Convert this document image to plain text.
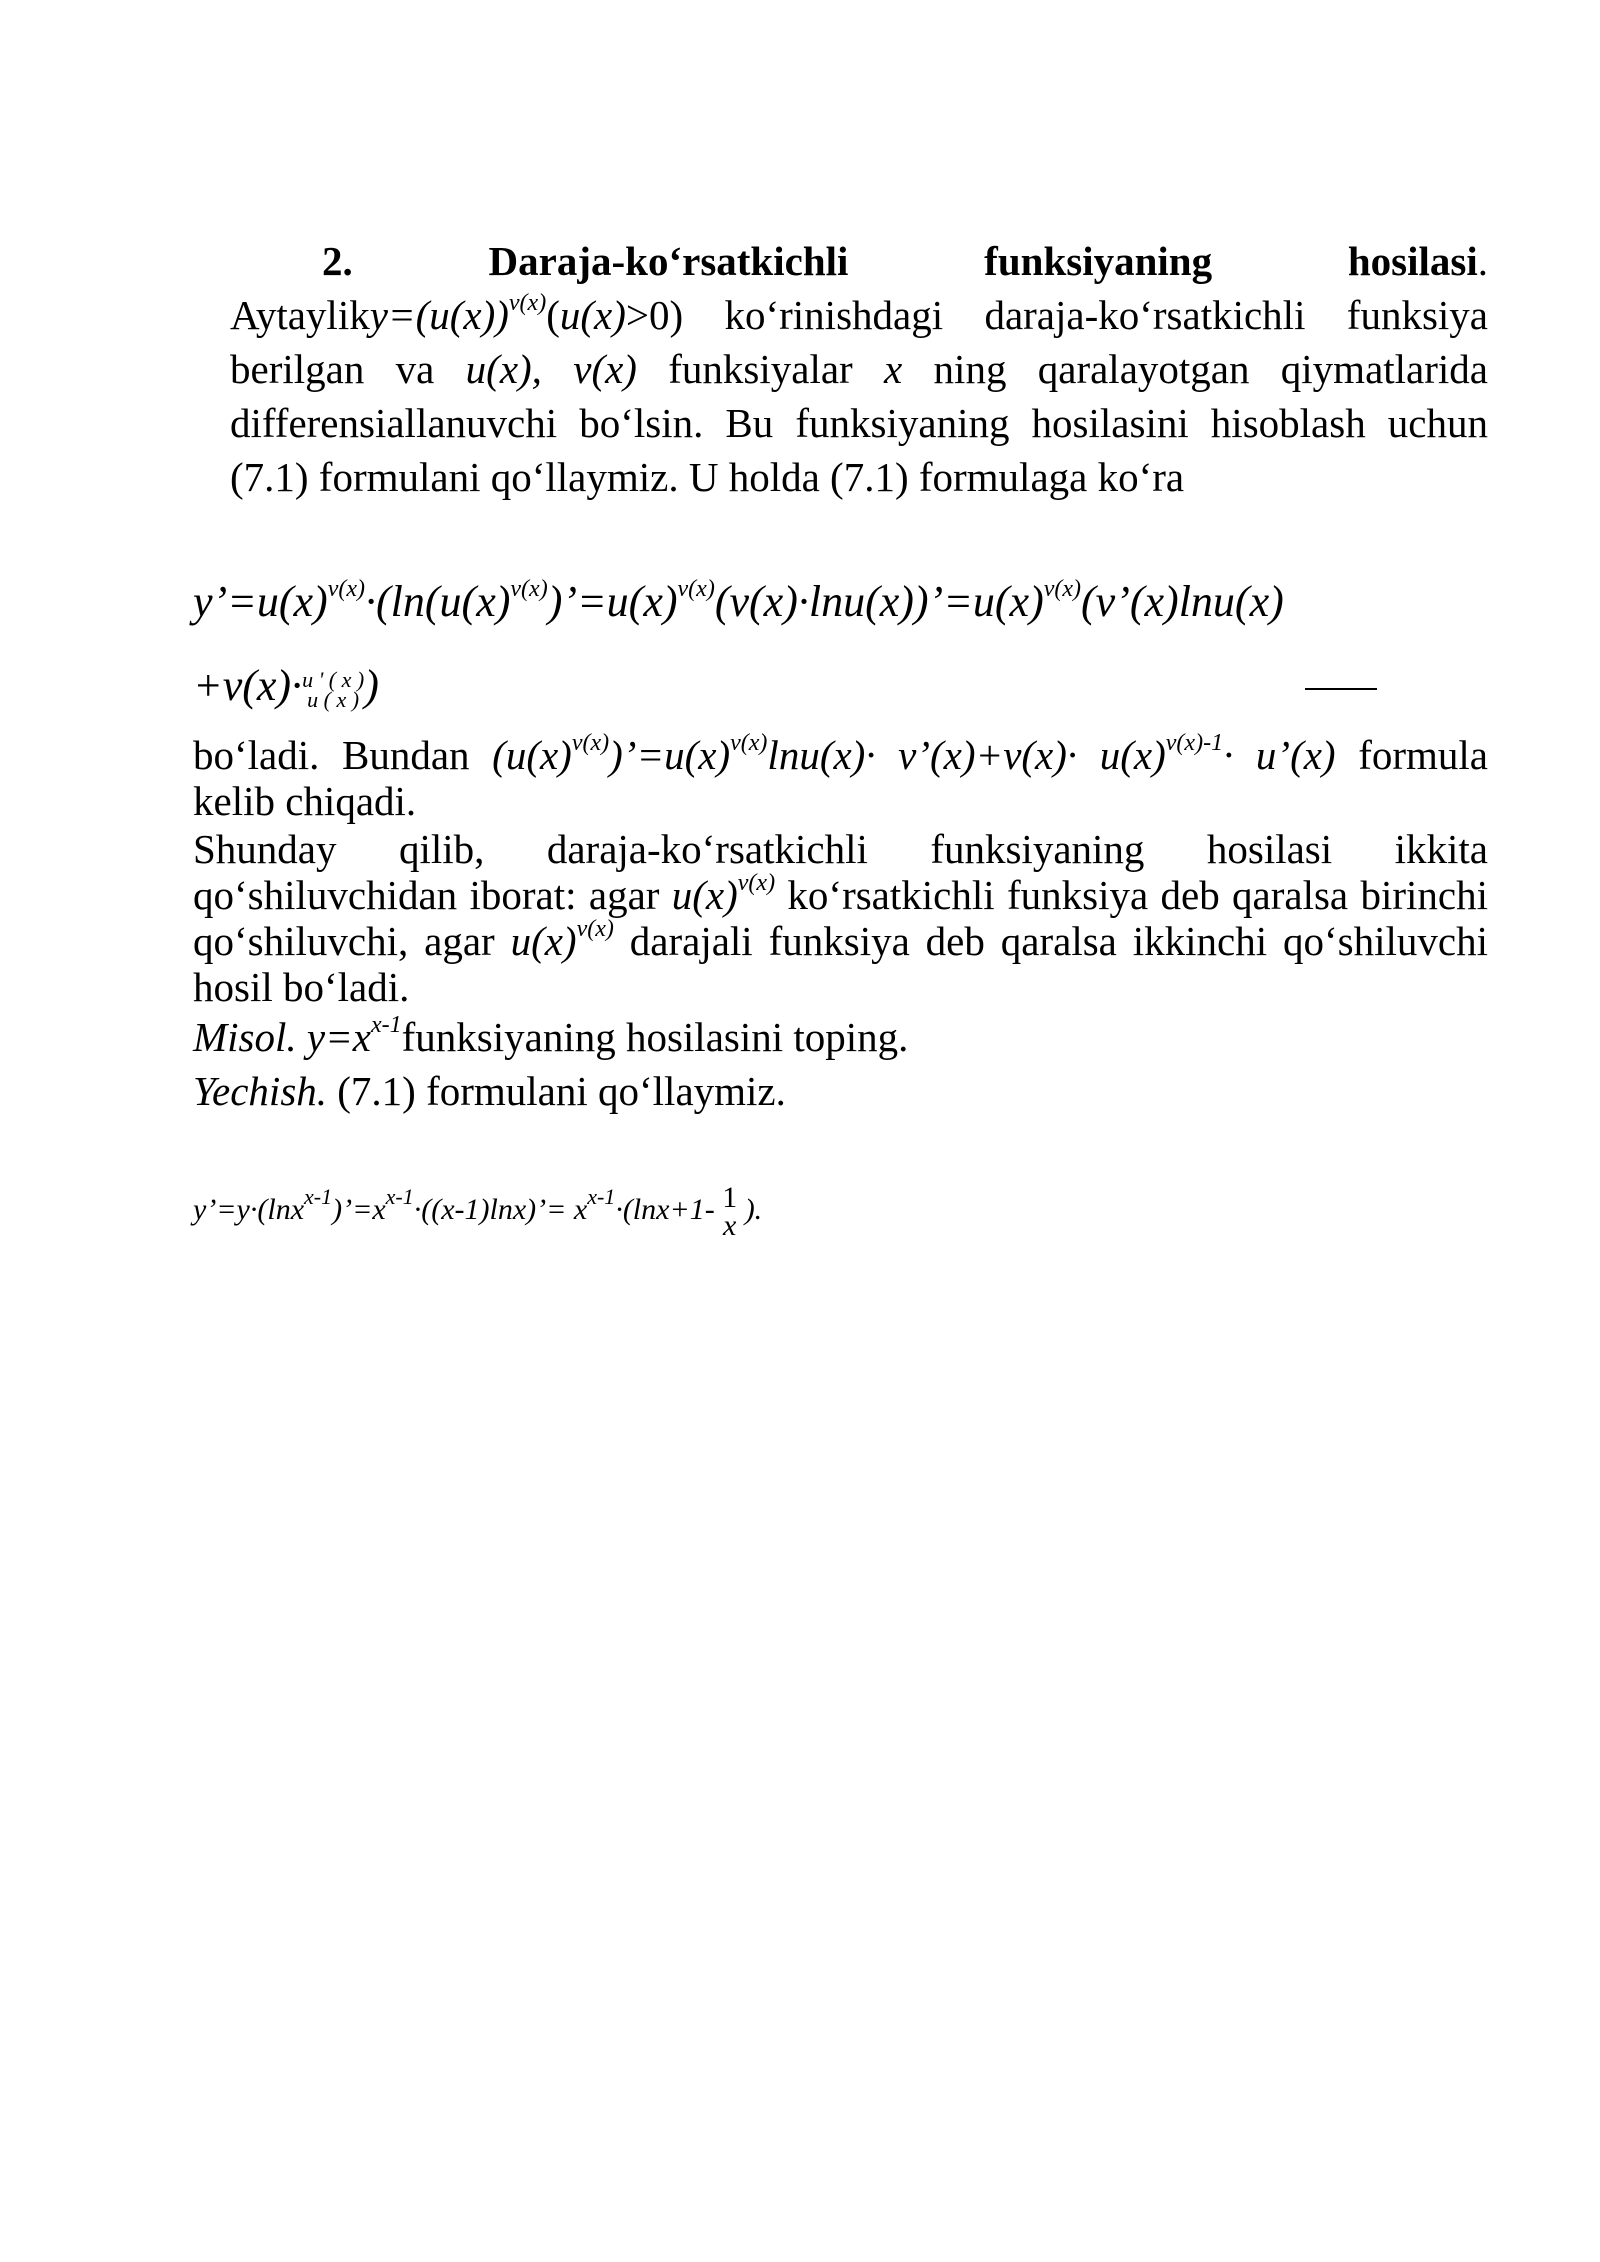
2.	Daraja-ko‘rsatkichli funksiyaning hosilasi.
$Aytayliky=(u(x))^{v(x)}(u(x)>0)$ ko‘rinishdagi daraja-ko‘rsatkichli funksiya berilgan va u(x), v(x) funksiyalar x ning qaralayotgan qiymatlarida differensiallanuvchi bo‘lsin. Bu funksiyaning hosilasini hisoblash uchun (7.1) formulani qo‘llaymiz. U holda (7.1) formulaga ko‘ra
$y’=u(x)^{v(x)}\cdot(\ln(u(x)^{v(x)})’=u(x)^{v(x)}(v(x)\cdot\ln u(x))’=u(x)^{v(x)}(v’(x)\ln u(x)$
+v(x)· u ' ( x )
u ( x ) )
bo‘ladi. Bundan $(u(x)^{v(x)})’=u(x)^{v(x)}\ln u(x)\cdot$ v’(x)+v(x)· $u(x)^{v(x)-1}\cdot$ u’(x) formula kelib chiqadi.
Shunday qilib, daraja-ko‘rsatkichli funksiyaning hosilasi ikkita qo‘shiluvchidan iborat: agar $u(x)^{v(x)}$ ko‘rsatkichli funksiya deb qaralsa birinchi qo‘shiluvchi, agar $u(x)^{v(x)}$ darajali funksiya deb qaralsa ikkinchi qo‘shiluvchi hosil bo‘ladi.
Misol. $y=x^{x-1}funksiyaning$ hosilasini toping.
Yechish. (7.1) formulani qo‘llaymiz.
$y’=y\cdot(\ln x^{x-1})’=x^{x-1}\cdot((x-1)\ln x)’= x^{x-1}\cdot(\ln x+1-$ 1
x ).
